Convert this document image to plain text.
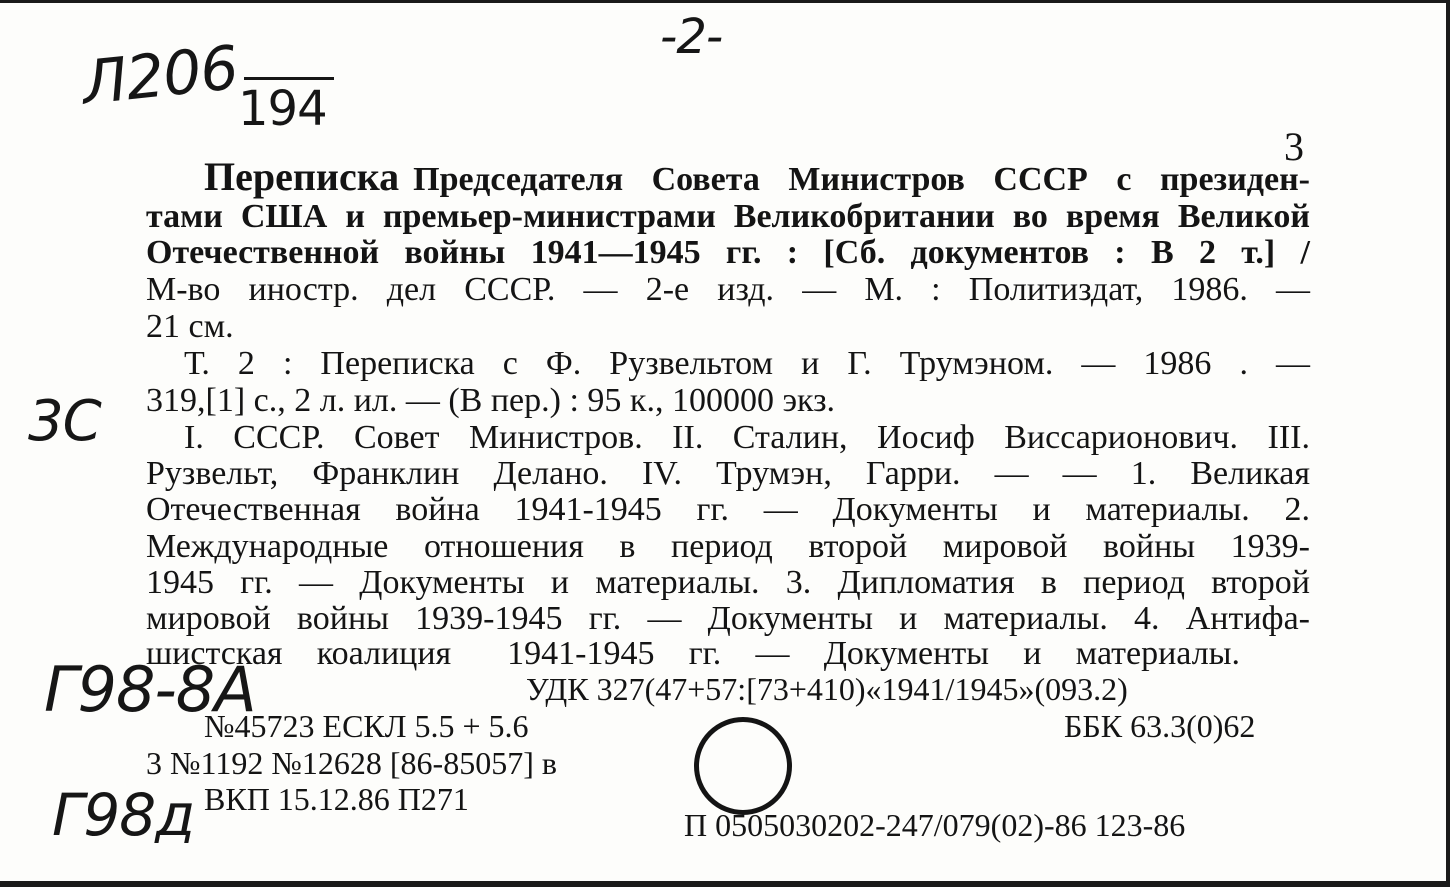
Л206
194
-2-
3С
Г98-8А
Г98д
3
Переписка Председателя Совета Министров СССР с президен-
тами США и премьер-министрами Великобритании во время Великой
Отечественной войны 1941—1945 гг. : [Сб. документов : В 2 т.] /
М-во иностр. дел СССР. — 2-е изд. — М. : Политиздат, 1986. —
21 см.
Т. 2 : Переписка с Ф. Рузвельтом и Г. Трумэном. — 1986 . —
319,[1] с., 2 л. ил. — (В пер.) : 95 к., 100000 экз.
I. СССР. Совет Министров. II. Сталин, Иосиф Виссарионович. III.
Рузвельт, Франклин Делано. IV. Трумэн, Гарри. — — 1. Великая
Отечественная война 1941-1945 гг. — Документы и материалы. 2.
Международные отношения в период второй мировой войны 1939-
1945 гг. — Документы и материалы. 3. Дипломатия в период второй
мировой войны 1939-1945 гг. — Документы и материалы. 4. Антифа-
шистская коалиция 1941-1945 гг. — Документы и материалы.
УДК 327(47+57:[73+410)«1941/1945»(093.2)
№45723 ЕСКЛ 5.5 + 5.6	ББК 63.3(0)62
3 №1192 №12628 [86-85057] в
ВКП 15.12.86 П271
П 0505030202-247/079(02)-86 123-86
